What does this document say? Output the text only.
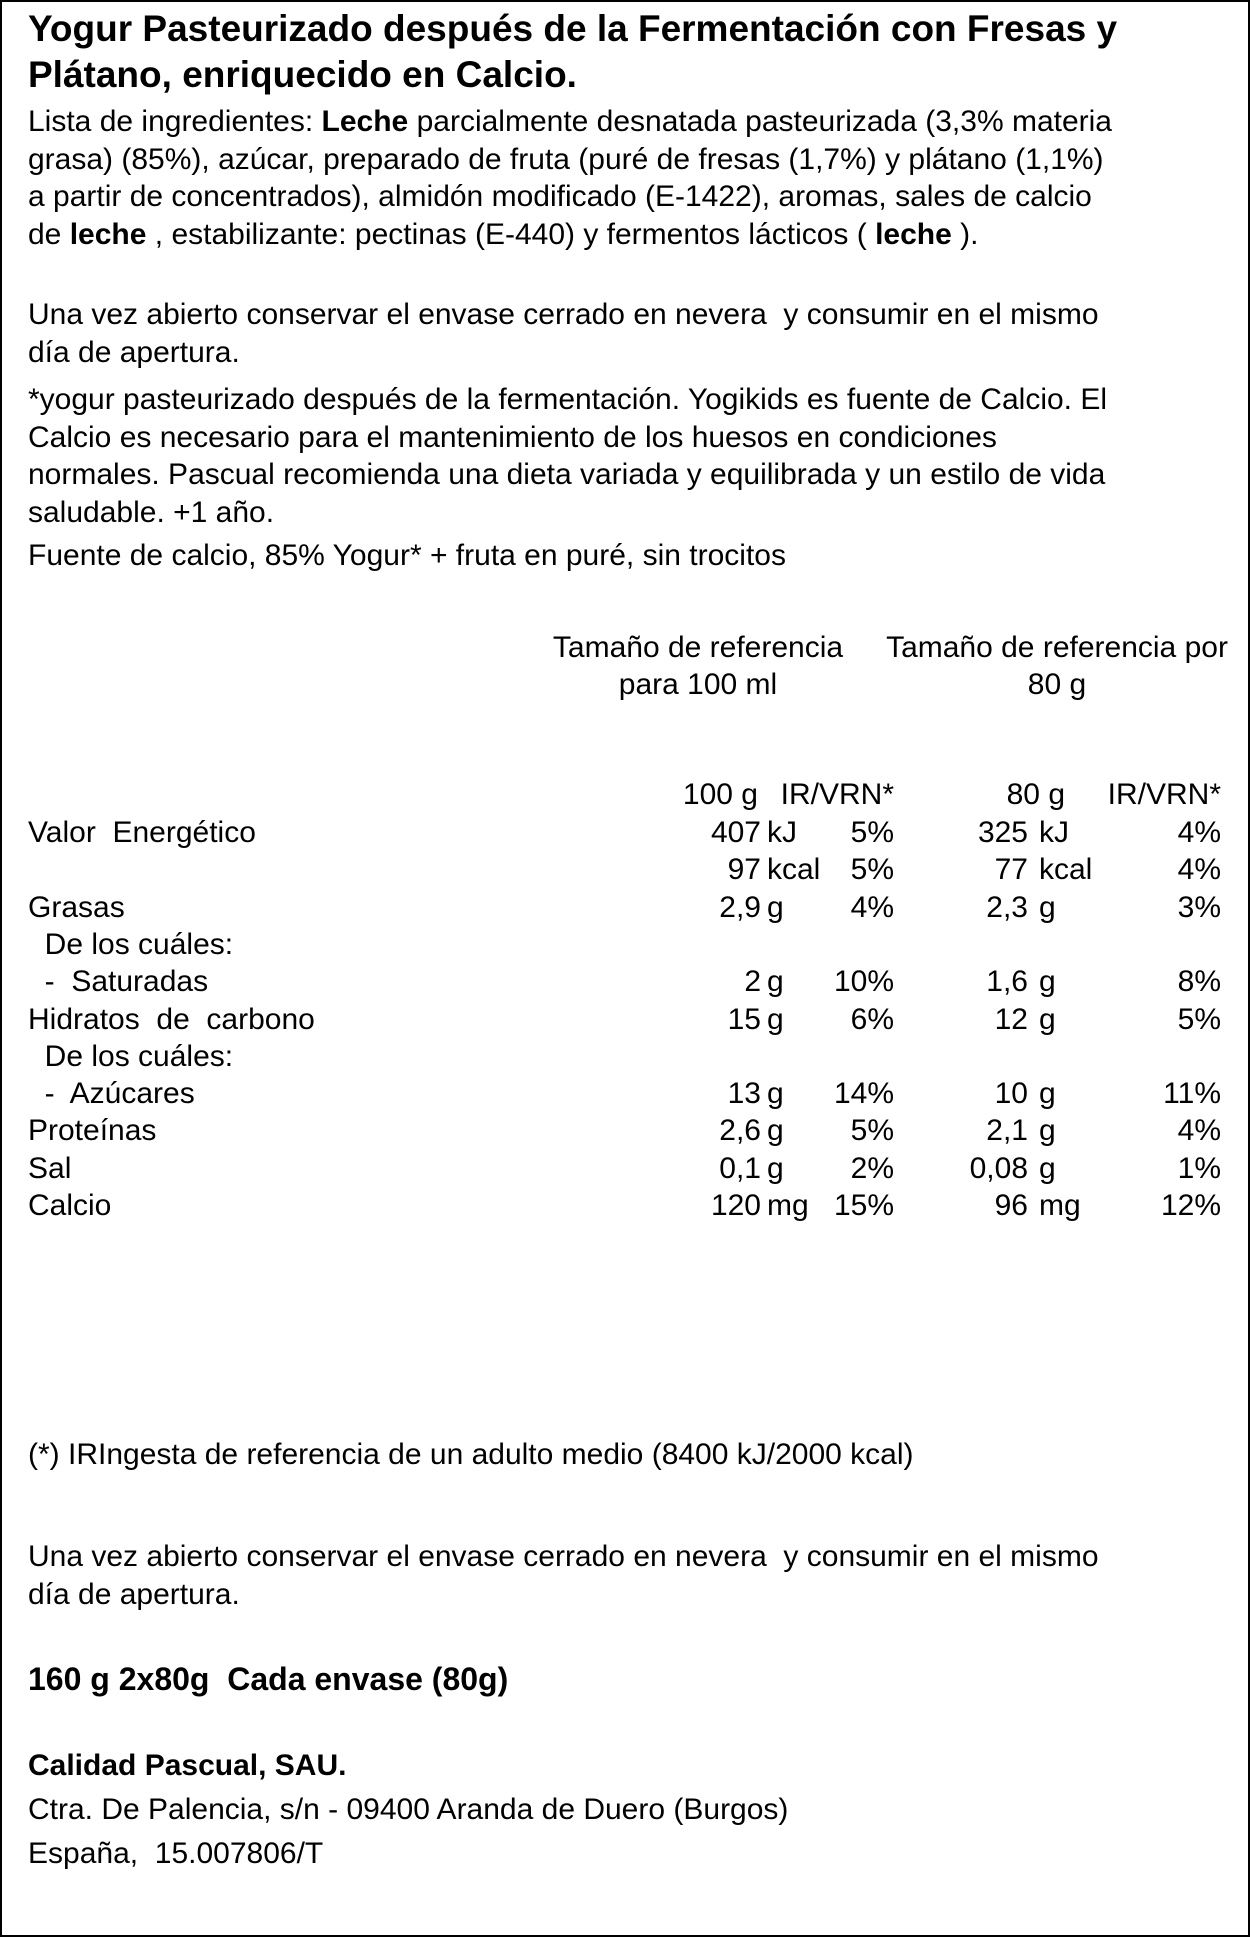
Yogur Pasteurizado después de la Fermentación con Fresas y Plátano, enriquecido en Calcio.
Lista de ingredientes: Leche parcialmente desnatada pasteurizada (3,3% materia
grasa) (85%), azúcar, preparado de fruta (puré de fresas (1,7%) y plátano (1,1%)
a partir de concentrados), almidón modificado (E-1422), aromas, sales de calcio
de leche , estabilizante: pectinas (E-440) y fermentos lácticos ( leche ).
Una vez abierto conservar el envase cerrado en nevera  y consumir en el mismo
día de apertura.
*yogur pasteurizado después de la fermentación. Yogikids es fuente de Calcio. El
Calcio es necesario para el mantenimiento de los huesos en condiciones
normales. Pascual recomienda una dieta variada y equilibrada y un estilo de vida
saludable. +1 año.
Fuente de calcio, 85% Yogur* + fruta en puré, sin trocitos
Tamaño de referencia
para 100 ml
Tamaño de referencia por
80 g
100 g IR/VRN*	80 g IR/VRN*
Valor  Energético	407 kJ 5%	325 kJ	4%
97 kcal 5%	77 kcal	4%
Grasas	2,9 g 4%	2,3 g	3%
De los cuáles:
-  Saturadas	2 g 10%	1,6 g	8%
Hidratos  de  carbono	15 g 6%	12 g	5%
De los cuáles:
-  Azúcares	13 g 14%	10 g	11%
Proteínas	2,6 g 5%	2,1 g	4%
Sal	0,1 g 2%	0,08 g	1%
Calcio	120 mg 15%	96 mg	12%
(*) IRIngesta de referencia de un adulto medio (8400 kJ/2000 kcal)
Una vez abierto conservar el envase cerrado en nevera  y consumir en el mismo
día de apertura.
160 g 2x80g  Cada envase (80g)
Calidad Pascual, SAU.
Ctra. De Palencia, s/n - 09400 Aranda de Duero (Burgos)
España,  15.007806/T
